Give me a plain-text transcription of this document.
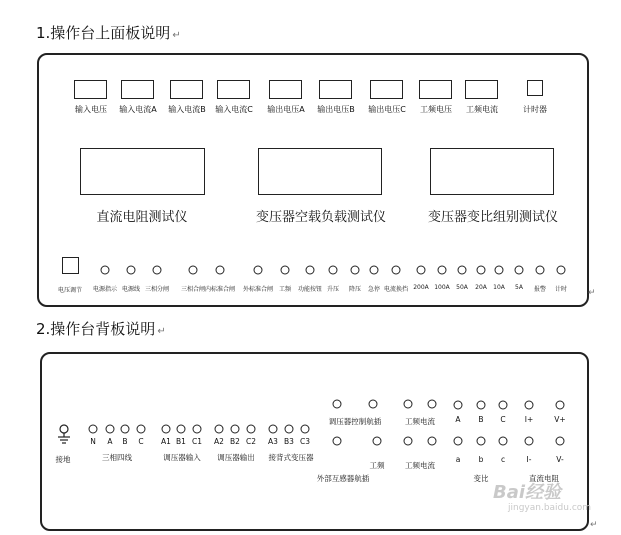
1.操作台上面板说明 ↵
2.操作台背板说明 ↵
输入电压 输入电流A 输入电流B 输入电流C 输出电压A 输出电压B 输出电压C 工频电压 工频电流
电源指示 电源线 三相分闸 三相合闸 内标准合闸 外标准合闸 工频 功能按钮 升压 降压 急停 电流换挡 200A 100A 50A 20A 10A 5A 报警 计时
直流电阻测试仪	变压器空载负载测试仪	变压器变比组别测试仪
计时器
电压调节
N A B C
三相四线
A1 B1 C1
调压器输入
A2 B2 C2
调压器输出
A3 B3 C3
接背式变压器
调压器控制航插	工频电流
工频	工频电流
外部互感器航插
A B C
a b c
变比
I+	V+
I-	V-
直流电阻
接地
↵
↵
Bai经验
jingyan.baidu.com
